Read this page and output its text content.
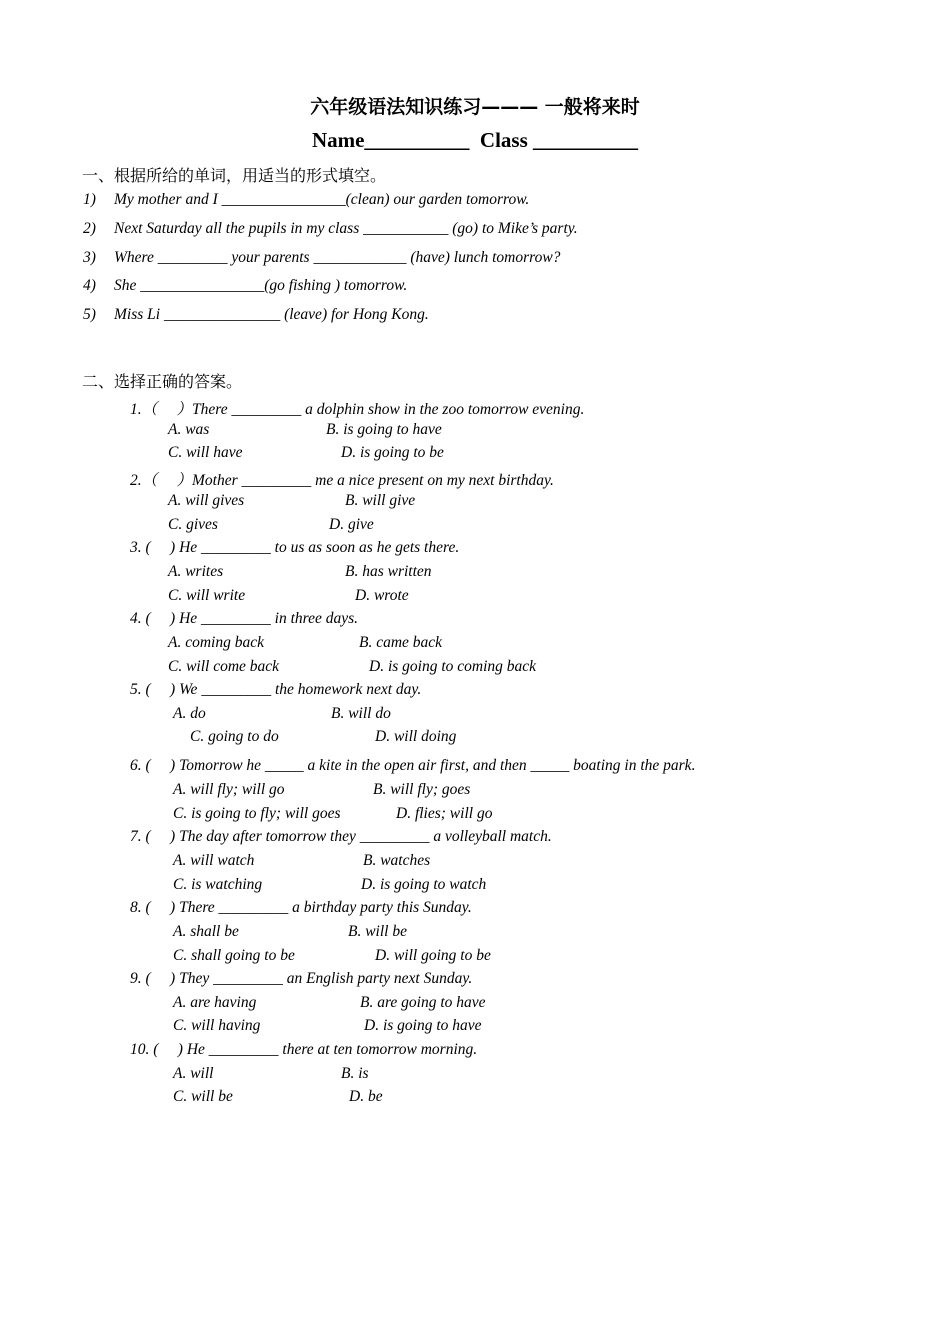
六年级语法知识练习——— 一般将来时
Name__________  Class __________
一、根据所给的单词，用适当的形式填空。
1) My mother and I ________________(clean) our garden tomorrow.
2) Next Saturday all the pupils in my class ___________ (go) to Mike’s party.
3) Where _________ your parents ____________ (have) lunch tomorrow?
4) She ________________(go fishing ) tomorrow.
5) Miss Li _______________ (leave) for Hong Kong.
二、选择正确的答案。
1.（     ）There _________ a dolphin show in the zoo tomorrow evening.
A. was	B. is going to have
C. will have	D. is going to be
2.（     ）Mother _________ me a nice present on my next birthday.
A. will gives	B. will give
C. gives	D. give
3. (     ) He _________ to us as soon as he gets there.
A. writes	B. has written
C. will write	D. wrote
4. (     ) He _________ in three days.
A. coming back	B. came back
C. will come back	D. is going to coming back
5. (     ) We _________ the homework next day.
A. do	B. will do
C. going to do	D. will doing
6. (     ) Tomorrow he _____ a kite in the open air first, and then _____ boating in the park.
A. will fly; will go	B. will fly; goes
C. is going to fly; will goes	D. flies; will go
7. (     ) The day after tomorrow they _________ a volleyball match.
A. will watch	B. watches
C. is watching	D. is going to watch
8. (     ) There _________ a birthday party this Sunday.
A. shall be	B. will be
C. shall going to be	D. will going to be
9. (     ) They _________ an English party next Sunday.
A. are having	B. are going to have
C. will having	D. is going to have
10. (     ) He _________ there at ten tomorrow morning.
A. will	B. is
C. will be	D. be
